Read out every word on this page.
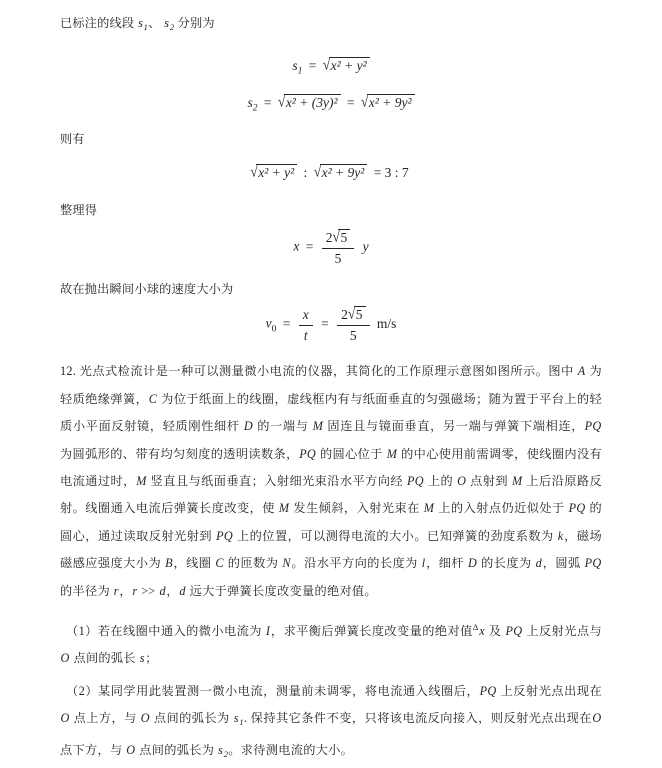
已标注的线段 $s_1$、 $s_2$ 分别为
$s_1 = √x^2 + y^2$
$s_2 = √x^2 + (3y)^2 = √x^2 + 9y^2$
则有
√x² + y² : √x² + 9y² = 3 : 7
整理得
$x = \frac{2√5}{5}$ y
故在抛出瞬间小球的速度大小为
$v_0 = \frac{x}{t} = \frac{2√5}{5} m/s$
12. 光点式检流计是一种可以测量微小电流的仪器，其简化的工作原理示意图如图所示。图中 A 为轻质绝缘弹簧，C 为位于纸面上的线圈，虚线框内有与纸面垂直的匀强磁场；随为置于平台上的轻质小平面反射镜，轻质刚性细杆 D 的一端与 M 固连且与镜面垂直，另一端与弹簧下端相连，PQ 为圆弧形的、带有均匀刻度的透明读数条，PQ 的圆心位于 M 的中心使用前需调零，使线圈内没有电流通过时，M 竖直且与纸面垂直；入射细光束沿水平方向经 PQ 上的 O 点射到 M 上后沿原路反射。线圈通入电流后弹簧长度改变，使 M 发生倾斜，入射光束在 M 上的入射点仍近似处于 PQ 的圆心，通过读取反射光射到 PQ 上的位置，可以测得电流的大小。已知弹簧的劲度系数为 k，磁场磁感应强度大小为 B，线圈 C 的匝数为 N。沿水平方向的长度为 l，细杆 D 的长度为 d，圆弧 PQ 的半径为 r，r >> d，d 远大于弹簧长度改变量的绝对值。
（1）若在线圈中通入的微小电流为 I，求平衡后弹簧长度改变量的绝对值$^\Delta$x 及 PQ 上反射光点与 O 点间的弧长 s；
（2）某同学用此装置测一微小电流，测量前未调零，将电流通入线圈后，PQ 上反射光点出现在 O 点上方，与 O 点间的弧长为 $s_1$. 保持其它条件不变，只将该电流反向接入，则反射光点出现在O点下方，与 O 点间的弧长为 $s_2$。求待测电流的大小。
